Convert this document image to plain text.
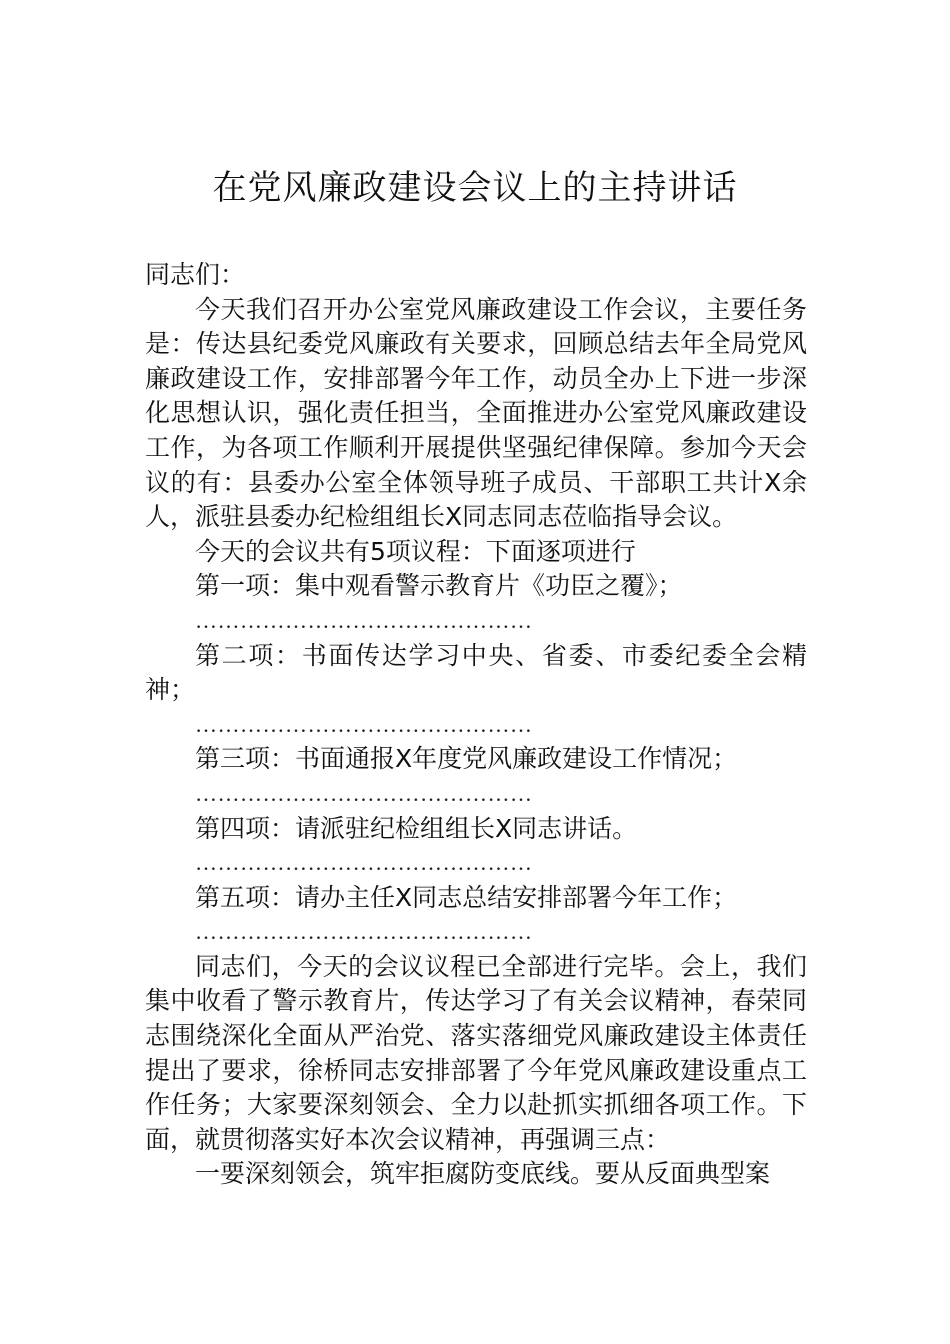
在党风廉政建设会议上的主持讲话

同志们：

今天我们召开办公室党风廉政建设工作会议，主要任务是：传达县纪委党风廉政有关要求，回顾总结去年全局党风廉政建设工作，安排部署今年工作，动员全办上下进一步深化思想认识，强化责任担当，全面推进办公室党风廉政建设工作，为各项工作顺利开展提供坚强纪律保障。参加今天会议的有：县委办公室全体领导班子成员、干部职工共计X余人，派驻县委办纪检组组长X同志同志莅临指导会议。

今天的会议共有5项议程：下面逐项进行

第一项：集中观看警示教育片《功臣之覆》；

………………………………………

第二项：书面传达学习中央、省委、市委纪委全会精神；

………………………………………

第三项：书面通报X年度党风廉政建设工作情况；

………………………………………

第四项：请派驻纪检组组长X同志讲话。

………………………………………

第五项：请办主任X同志总结安排部署今年工作；

………………………………………

同志们，今天的会议议程已全部进行完毕。会上，我们集中收看了警示教育片，传达学习了有关会议精神，春荣同志围绕深化全面从严治党、落实落细党风廉政建设主体责任提出了要求，徐桥同志安排部署了今年党风廉政建设重点工作任务；大家要深刻领会、全力以赴抓实抓细各项工作。下面，就贯彻落实好本次会议精神，再强调三点：

一要深刻领会，筑牢拒腐防变底线。要从反面典型案
